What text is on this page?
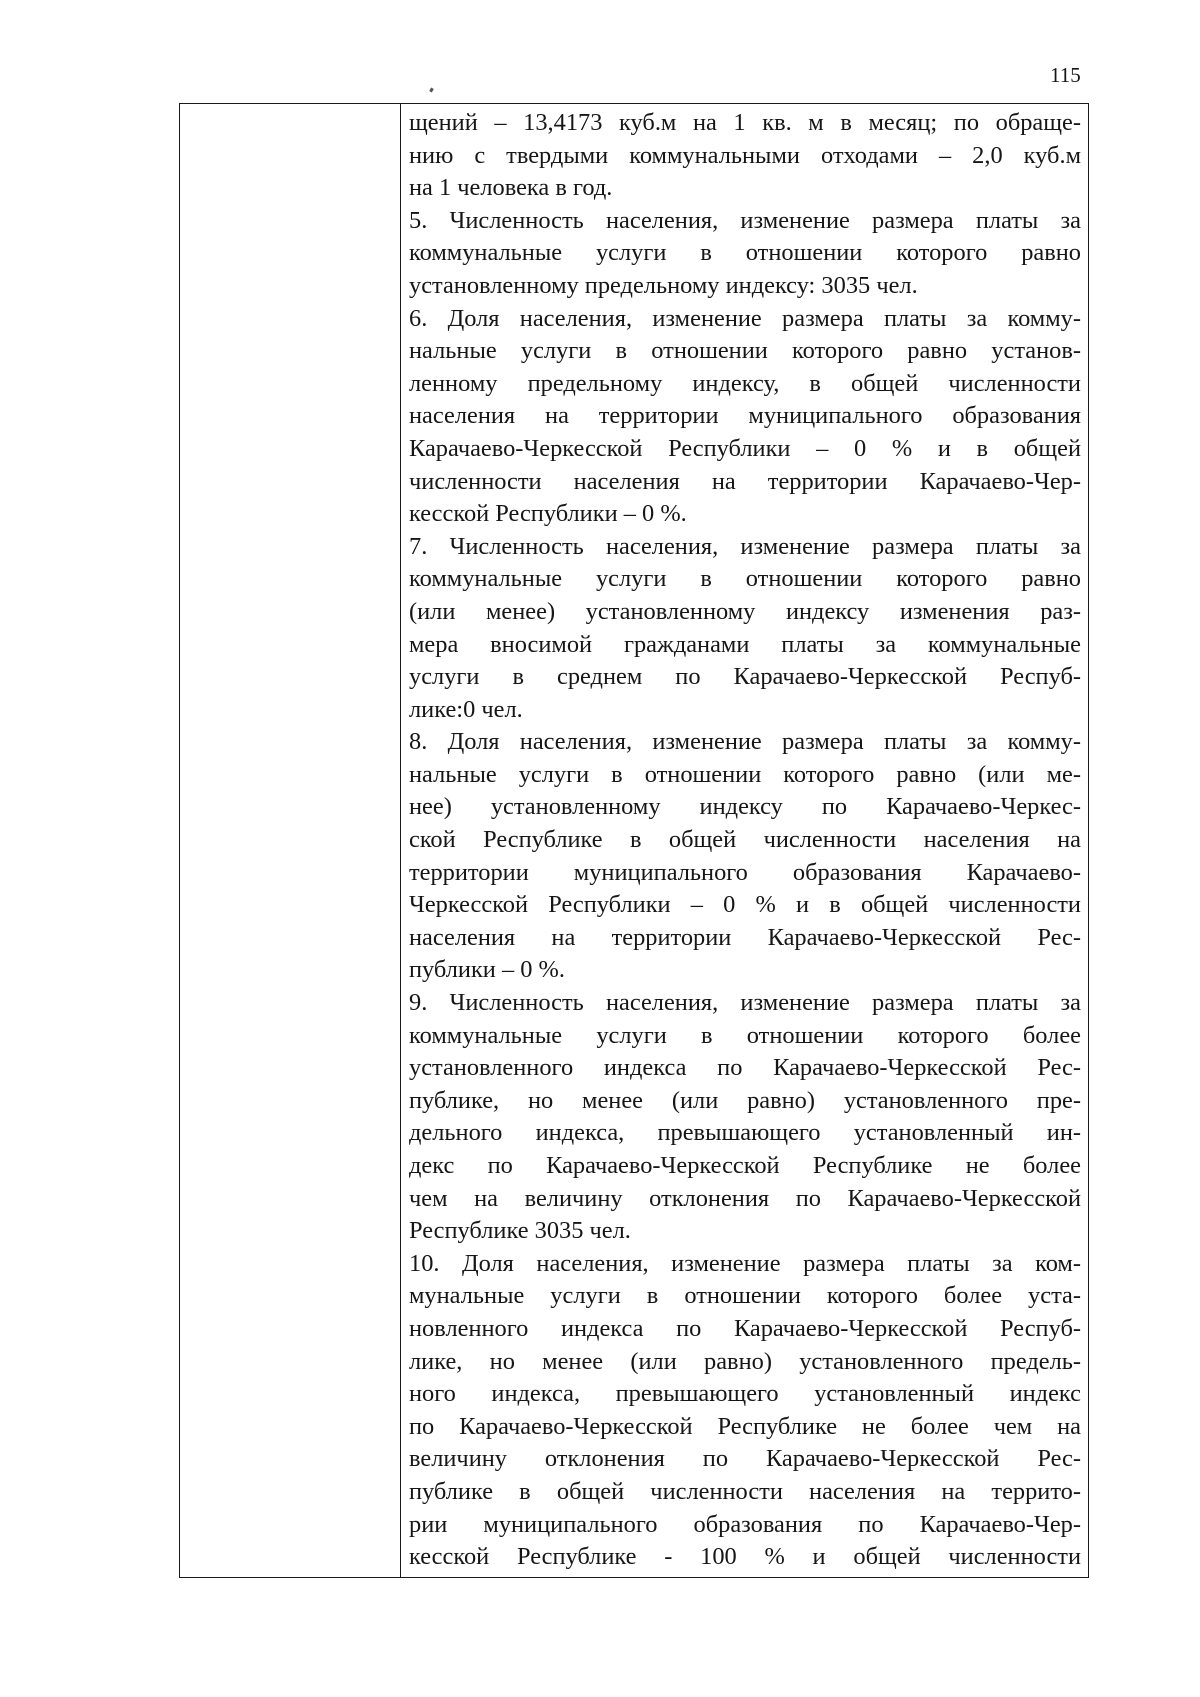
115
щений – 13,4173 куб.м на 1 кв. м в месяц; по обраще-
нию с твердыми коммунальными отходами – 2,0 куб.м
на 1 человека в год.
5. Численность населения, изменение размера платы за
коммунальные услуги в отношении которого равно
установленному предельному индексу: 3035 чел.
6. Доля населения, изменение размера платы за комму-
нальные услуги в отношении которого равно установ-
ленному предельному индексу, в общей численности
населения на территории муниципального образования
Карачаево-Черкесской Республики – 0 % и в общей
численности населения на территории Карачаево-Чер-
кесской Республики – 0 %.
7. Численность населения, изменение размера платы за
коммунальные услуги в отношении которого равно
(или менее) установленному индексу изменения раз-
мера вносимой гражданами платы за коммунальные
услуги в среднем по Карачаево-Черкесской Респуб-
лике:0 чел.
8. Доля населения, изменение размера платы за комму-
нальные услуги в отношении которого равно (или ме-
нее) установленному индексу по Карачаево-Черкес-
ской Республике в общей численности населения на
территории муниципального образования Карачаево-
Черкесской Республики – 0 % и в общей численности
населения на территории Карачаево-Черкесской Рес-
публики – 0 %.
9. Численность населения, изменение размера платы за
коммунальные услуги в отношении которого более
установленного индекса по Карачаево-Черкесской Рес-
публике, но менее (или равно) установленного пре-
дельного индекса, превышающего установленный ин-
декс по Карачаево-Черкесской Республике не более
чем на величину отклонения по Карачаево-Черкесской
Республике 3035 чел.
10. Доля населения, изменение размера платы за ком-
мунальные услуги в отношении которого более уста-
новленного индекса по Карачаево-Черкесской Респуб-
лике, но менее (или равно) установленного предель-
ного индекса, превышающего установленный индекс
по Карачаево-Черкесской Республике не более чем на
величину отклонения по Карачаево-Черкесской Рес-
публике в общей численности населения на террито-
рии муниципального образования по Карачаево-Чер-
кесской Республике - 100 % и общей численности
